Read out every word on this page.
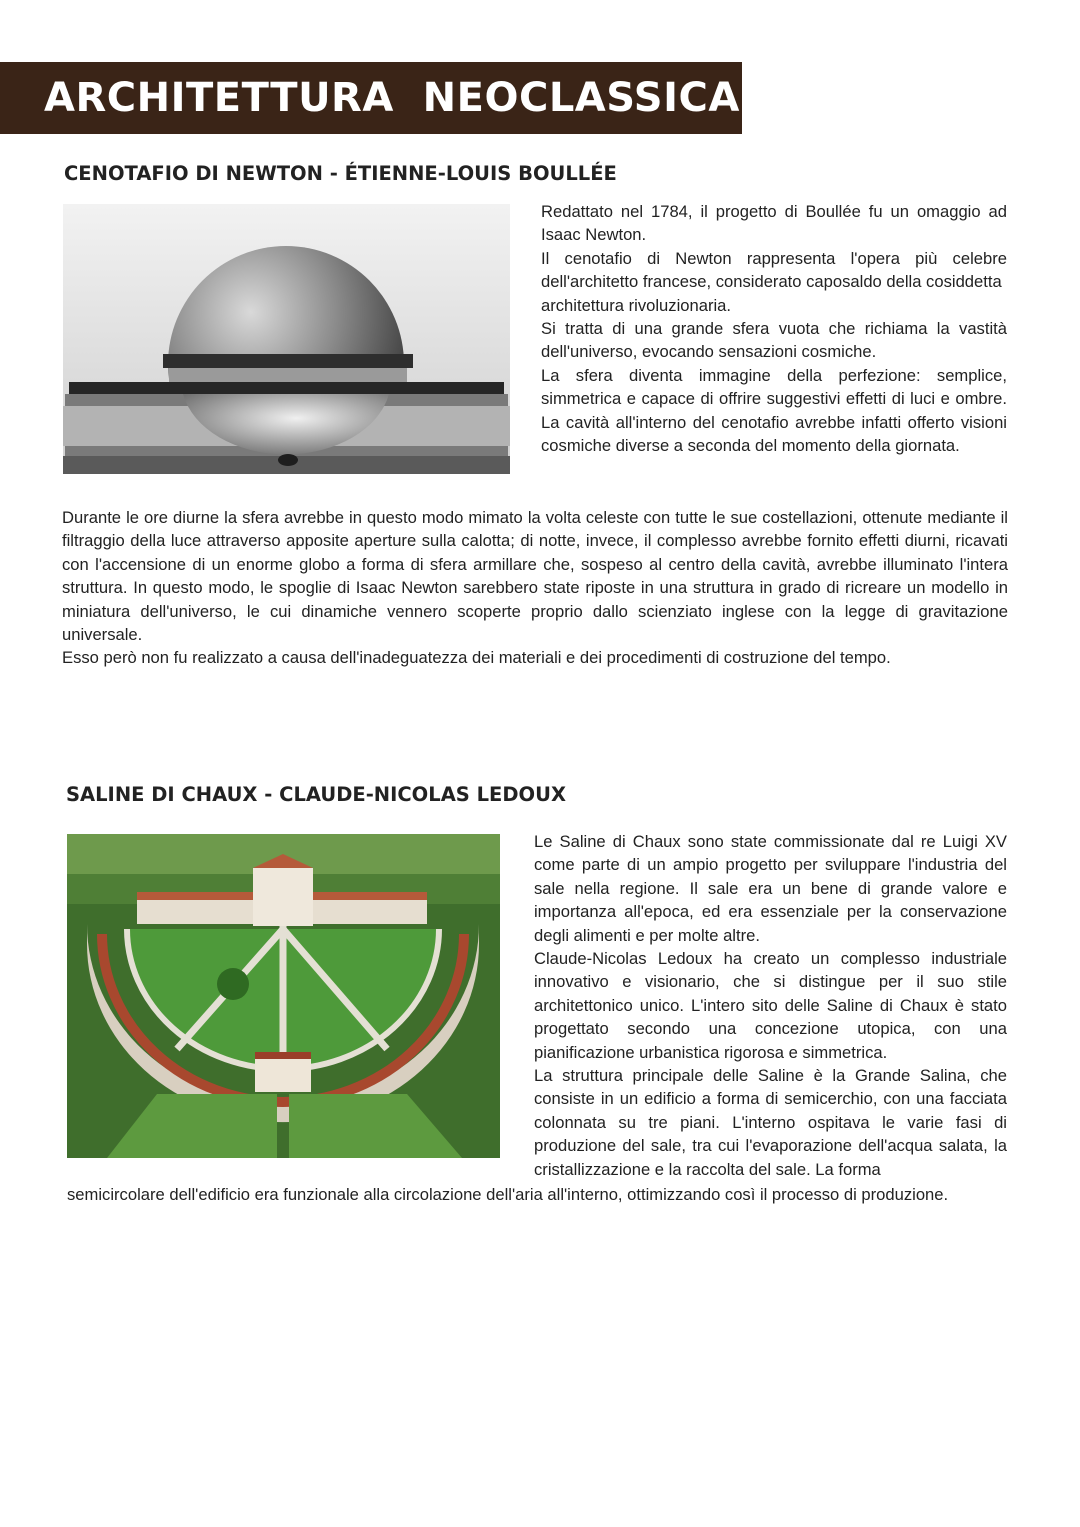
ARCHITETTURA  NEOCLASSICA
CENOTAFIO DI NEWTON - ÉTIENNE-LOUIS BOULLÉE

Redattato nel 1784, il progetto di Boullée fu un omaggio ad Isaac Newton.

Il cenotafio di Newton rappresenta l'opera più celebre dell'architetto francese, considerato caposaldo della cosiddetta

architettura rivoluzionaria.

Si tratta di una grande sfera vuota che richiama la vastità dell'universo, evocando sensazioni cosmiche.

La sfera diventa immagine della perfezione: semplice, simmetrica e capace di offrire suggestivi effetti di luci e ombre. La cavità all'interno del cenotafio avrebbe infatti offerto visioni cosmiche diverse a seconda del momento della giornata.

Durante le ore diurne la sfera avrebbe in questo modo mimato la volta celeste con tutte le sue costellazioni, ottenute mediante il filtraggio della luce attraverso apposite aperture sulla calotta; di notte, invece, il complesso avrebbe fornito effetti diurni, ricavati con l'accensione di un enorme globo a forma di sfera armillare che, sospeso al centro della cavità, avrebbe illuminato l'intera struttura. In questo modo, le spoglie di Isaac Newton sarebbero state riposte in una struttura in grado di ricreare un modello in miniatura dell'universo, le cui dinamiche vennero scoperte proprio dallo scienziato inglese con la legge di gravitazione universale.

Esso però non fu realizzato a causa dell'inadeguatezza dei materiali e dei procedimenti di costruzione del tempo.

SALINE DI CHAUX - CLAUDE-NICOLAS LEDOUX

Le Saline di Chaux sono state commissionate dal re Luigi XV come parte di un ampio progetto per sviluppare l'industria del sale nella regione. Il sale era un bene di grande valore e importanza all'epoca, ed era essenziale per la conservazione degli alimenti e per molte altre.

Claude-Nicolas Ledoux ha creato un complesso industriale innovativo e visionario, che si distingue per il suo stile architettonico unico. L'intero sito delle Saline di Chaux è stato progettato secondo una concezione utopica, con una pianificazione urbanistica rigorosa e simmetrica.

La struttura principale delle Saline è la Grande Salina, che consiste in un edificio a forma di semicerchio, con una facciata colonnata su tre piani. L'interno ospitava le varie fasi di produzione del sale, tra cui l'evaporazione dell'acqua salata, la cristallizzazione e la raccolta del sale. La forma

semicircolare dell'edificio era funzionale alla circolazione dell'aria all'interno, ottimizzando così il processo di produzione.
